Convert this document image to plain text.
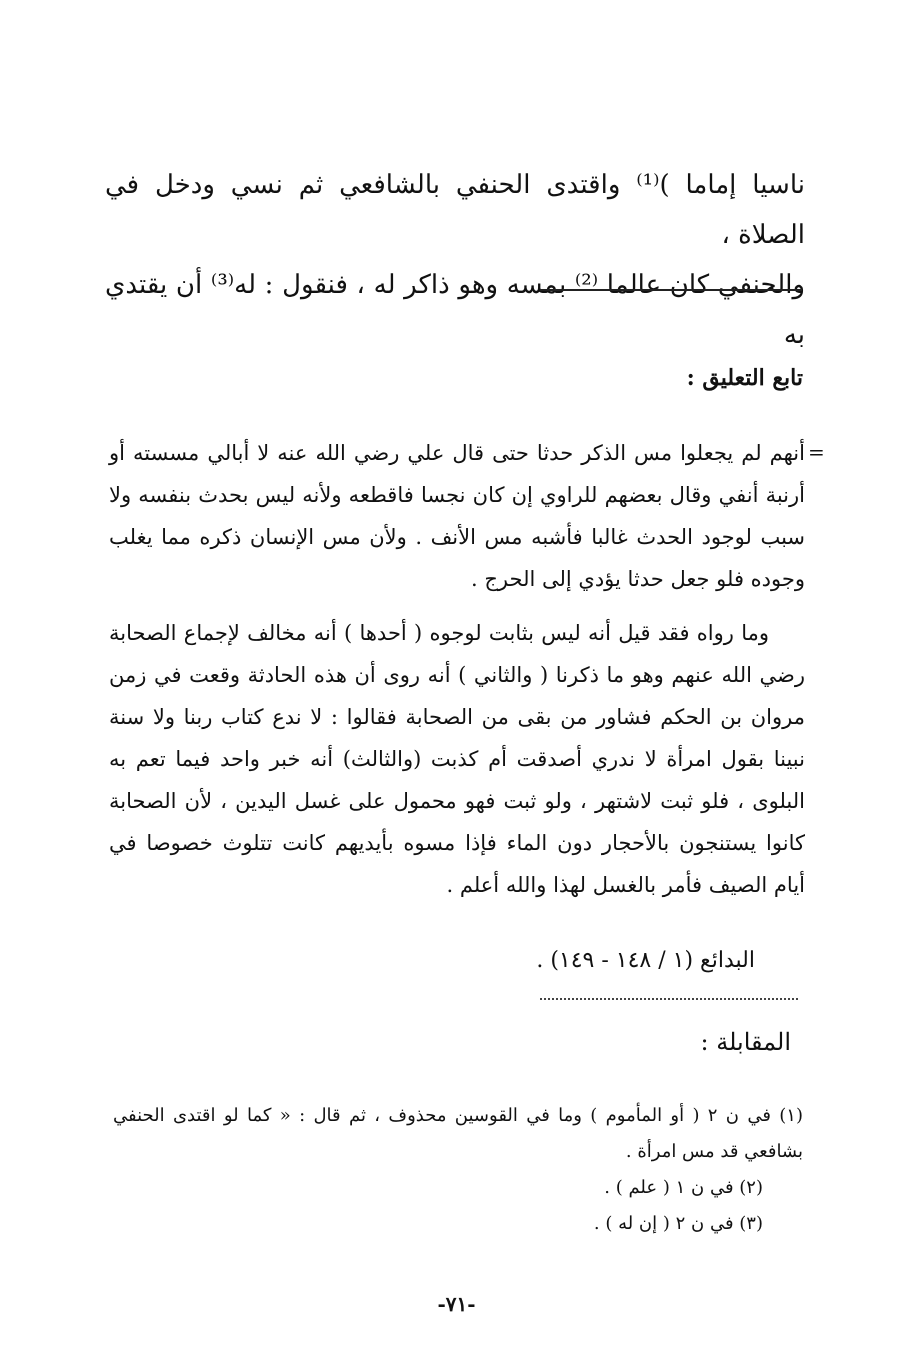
ناسيا إماما )⁽¹⁾ واقتدى الحنفي بالشافعي ثم نسي ودخل في الصلاة ،
والحنفي كان عالما ⁽²⁾ بمسه وهو ذاكر له ، فنقول : له⁽³⁾ أن يقتدي به
تابع التعليق :
=

أنهم لم يجعلوا مس الذكر حدثا حتى قال علي رضي الله عنه لا أبالي مسسته أو أرنبة أنفي وقال بعضهم للراوي إن كان نجسا فاقطعه ولأنه ليس بحدث بنفسه ولا سبب لوجود الحدث غالبا فأشبه مس الأنف . ولأن مس الإنسان ذكره مما يغلب وجوده فلو جعل حدثا يؤدي إلى الحرج .

وما رواه فقد قيل أنه ليس بثابت لوجوه ( أحدها ) أنه مخالف لإجماع الصحابة رضي الله عنهم وهو ما ذكرنا ( والثاني ) أنه روى أن هذه الحادثة وقعت في زمن مروان بن الحكم فشاور من بقى من الصحابة فقالوا : لا ندع كتاب ربنا ولا سنة نبينا بقول امرأة لا ندري أصدقت أم كذبت (والثالث) أنه خبر واحد فيما تعم به البلوى ، فلو ثبت لاشتهر ، ولو ثبت فهو محمول على غسل اليدين ، لأن الصحابة كانوا يستنجون بالأحجار دون الماء فإذا مسوه بأيديهم كانت تتلوث خصوصا في أيام الصيف فأمر بالغسل لهذا والله أعلم .

البدائع (١ / ١٤٨ - ١٤٩) .
المقابلة :

(١) في ن ٢ ( أو المأموم ) وما في القوسين محذوف ، ثم قال : « كما لو اقتدى الحنفي بشافعي قد مس امرأة .

(٢) في ن ١ ( علم ) .

(٣) في ن ٢ ( إن له ) .

-٧١-
